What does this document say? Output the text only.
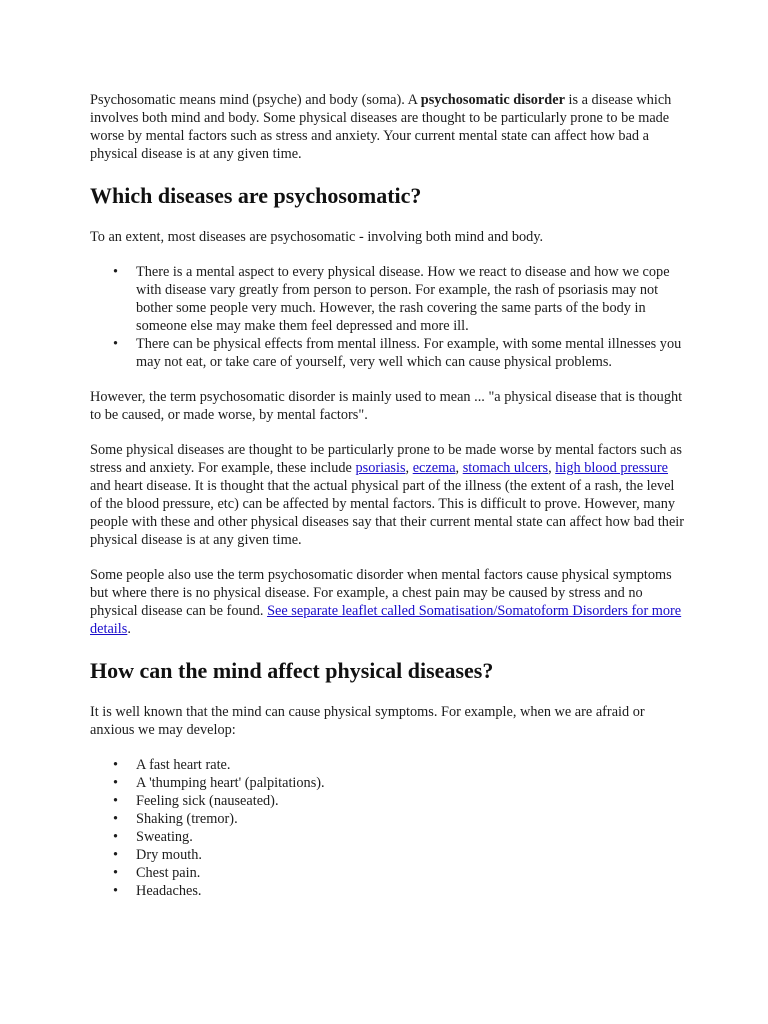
Psychosomatic means mind (psyche) and body (soma). A psychosomatic disorder is a disease which involves both mind and body. Some physical diseases are thought to be particularly prone to be made worse by mental factors such as stress and anxiety. Your current mental state can affect how bad a physical disease is at any given time.

Which diseases are psychosomatic?

To an extent, most diseases are psychosomatic - involving both mind and body.

• There is a mental aspect to every physical disease. How we react to disease and how we cope with disease vary greatly from person to person. For example, the rash of psoriasis may not bother some people very much. However, the rash covering the same parts of the body in someone else may make them feel depressed and more ill.
• There can be physical effects from mental illness. For example, with some mental illnesses you may not eat, or take care of yourself, very well which can cause physical problems.

However, the term psychosomatic disorder is mainly used to mean ... "a physical disease that is thought to be caused, or made worse, by mental factors".

Some physical diseases are thought to be particularly prone to be made worse by mental factors such as stress and anxiety. For example, these include psoriasis, eczema, stomach ulcers, high blood pressure and heart disease. It is thought that the actual physical part of the illness (the extent of a rash, the level of the blood pressure, etc) can be affected by mental factors. This is difficult to prove. However, many people with these and other physical diseases say that their current mental state can affect how bad their physical disease is at any given time.

Some people also use the term psychosomatic disorder when mental factors cause physical symptoms but where there is no physical disease. For example, a chest pain may be caused by stress and no physical disease can be found. See separate leaflet called Somatisation/Somatoform Disorders for more details.

How can the mind affect physical diseases?

It is well known that the mind can cause physical symptoms. For example, when we are afraid or anxious we may develop:

• A fast heart rate.
• A 'thumping heart' (palpitations).
• Feeling sick (nauseated).
• Shaking (tremor).
• Sweating.
• Dry mouth.
• Chest pain.
• Headaches.
